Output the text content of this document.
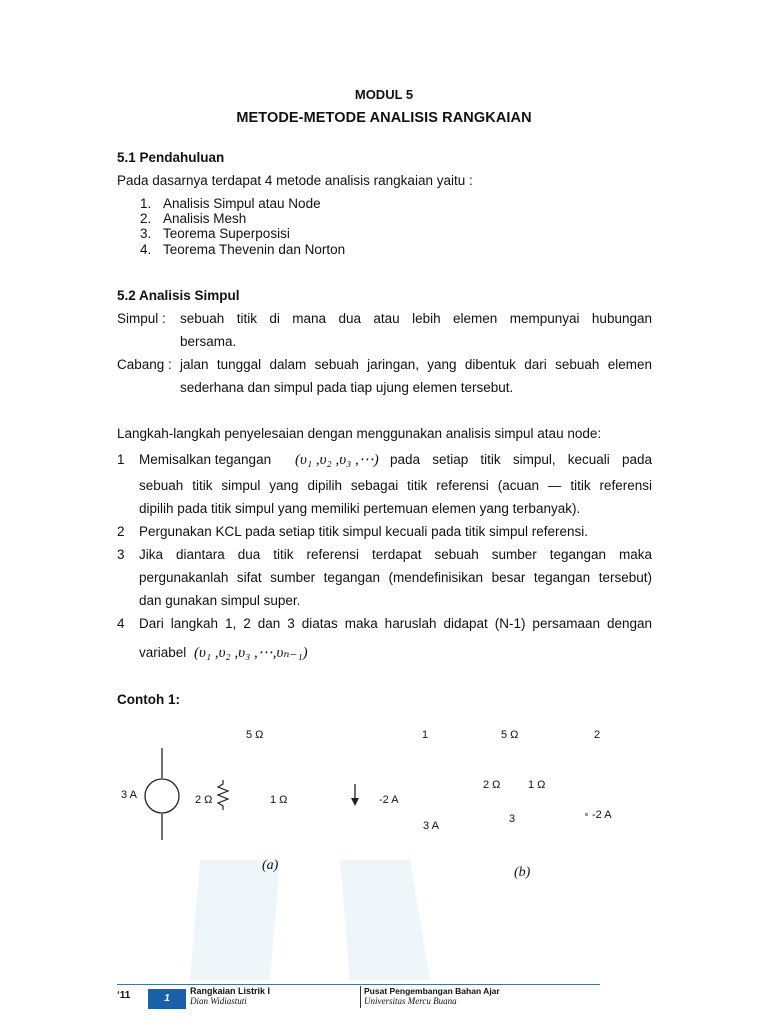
MODUL 5
METODE-METODE ANALISIS RANGKAIAN
5.1 Pendahuluan
Pada dasarnya terdapat 4 metode analisis rangkaian yaitu :
1. Analisis Simpul atau Node
2. Analisis Mesh
3. Teorema Superposisi
4. Teorema Thevenin dan Norton
5.2 Analisis Simpul
Simpul : sebuah titik di mana dua atau lebih elemen mempunyai hubungan
bersama.
Cabang : jalan tunggal dalam sebuah jaringan, yang dibentuk dari sebuah elemen
sederhana dan simpul pada tiap ujung elemen tersebut.
Langkah-langkah penyelesaian dengan menggunakan analisis simpul atau node:
1 Memisalkan tegangan (υ₁ ,υ₂ ,υ₃ ,⋯) pada setiap titik simpul, kecuali pada
sebuah titik simpul yang dipilih sebagai titik referensi (acuan — titik referensi
dipilih pada titik simpul yang memiliki pertemuan elemen yang terbanyak).
2 Pergunakan KCL pada setiap titik simpul kecuali pada titik simpul referensi.
3 Jika diantara dua titik referensi terdapat sebuah sumber tegangan maka
pergunakanlah sifat sumber tegangan (mendefinisikan besar tegangan tersebut)
dan gunakan simpul super.
4 Dari langkah 1, 2 dan 3 diatas maka haruslah didapat (N-1) persamaan dengan
variabel (υ₁ ,υ₂ ,υ₃ ,⋯,υₙ₋₁)
Contoh 1:
5 Ω
3 A	2 Ω	1 Ω	-2 A
(a)
1	5 Ω	2
2 Ω	1 Ω
3 A
3	-2 A
(b)
‘11	1
Rangkaian Listrik I
Dian Widiastuti
Pusat Pengembangan Bahan Ajar
Universitas Mercu Buana
